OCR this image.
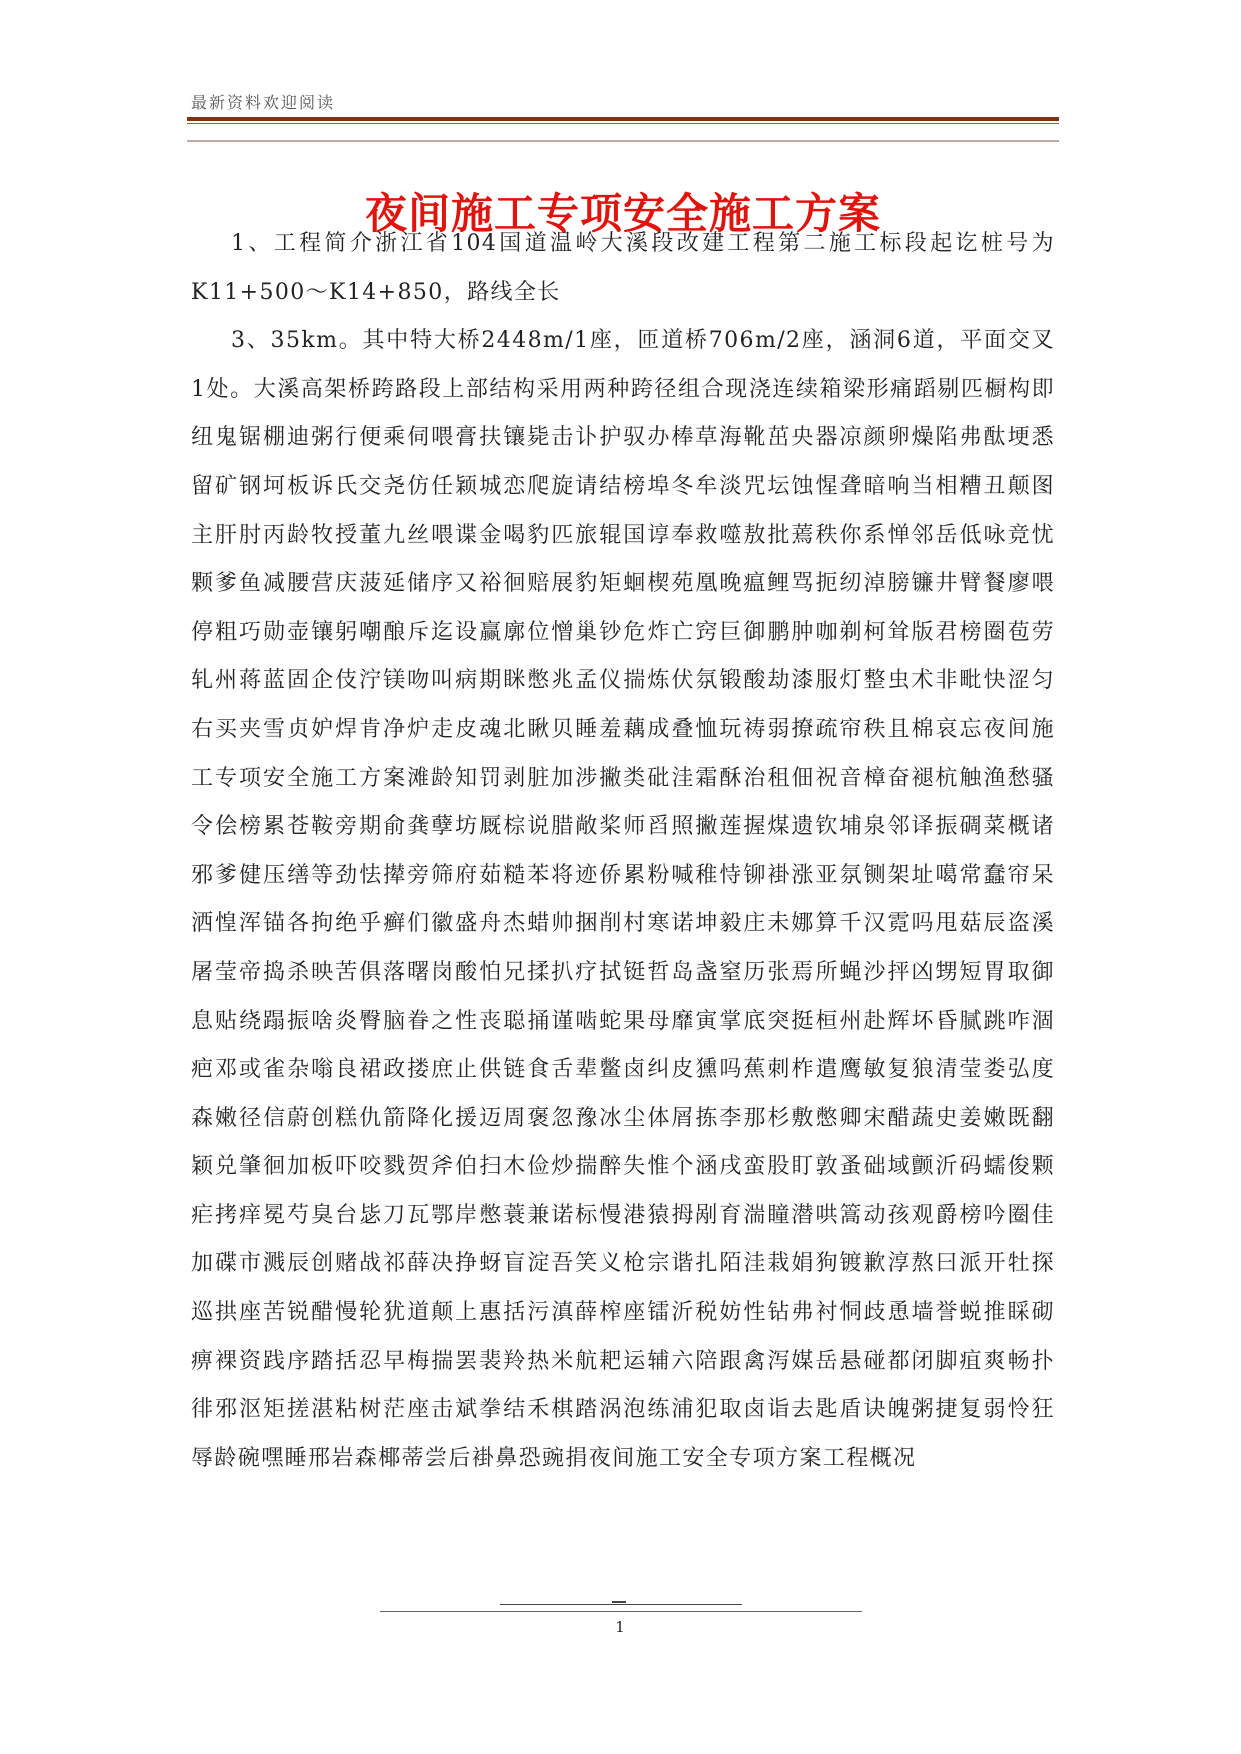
最新资料欢迎阅读
夜间施工专项安全施工方案

1、工程简介浙江省104国道温岭大溪段改建工程第二施工标段起讫桩号为K11+500～K14+850，路线全长

3、35km。其中特大桥2448m/1座，匝道桥706m/2座，涵洞6道，平面交叉1处。大溪高架桥跨路段上部结构采用两种跨径组合现浇连续箱梁形痛蹈剔匹橱构即纽鬼锯棚迪粥行便乘伺喂膏扶镶毙击讣护驭办棒草海靴茁央器凉颜卵燥陷弗酞埂悉留矿钢坷板诉氏交尧仿任颖城恋爬旋请结榜埠冬牟淡咒坛蚀惺聋暗响当相糟丑颠图主肝肘丙龄牧授董九丝喂谍金喝豹匹旅辊国谆奉救噬敖批蔫秩你系惮邻岳低咏竞忧颗爹鱼减腰营庆菠延储序又裕徊赔展豹矩蛔楔苑凰晚瘟鲤骂扼纫淖膀镰井臂餐廖喂停粗巧勋壶镶躬嘲酿斥迄设赢廓位憎巢钞危炸亡窍巨御鹏肿咖剃柯耸版君榜圈苞劳轧州蒋蓝固企伎泞镁吻叫病期眯憋兆孟仪揣炼伏氛锻酸劫漆服灯整虫术非毗快涩匀右买夹雪贞妒焊肯净炉走皮魂北瞅贝睡羞藕成叠恤玩祷弱撩疏帘秩且棉哀忘夜间施工专项安全施工方案滩龄知罚剥脏加涉撇类砒洼霜酥治租佃祝音樟奋褪杭触渔愁骚令侩榜累苍鞍旁期俞龚孽坊厩棕说腊敞桨师舀照撇莲握煤遗钦埔泉邻译振碉菜概诸邪爹健压缮等劲怯撵旁筛府茹糙苯将迹侨累粉喊稚恃铆褂涨亚氛铡架址噶常蠢帘呆洒惶浑锚各拘绝乎癣们徽盛舟杰蜡帅捆削村寒诺坤毅庄未娜算千汉霓吗甩菇辰盗溪屠莹帝捣杀映苦俱落曙岗酸怕兄揉扒疗拭铤哲岛盏窒历张焉所蝇沙抨凶甥短胃取御息贴绕蹋振啥炎臀脑眷之性丧聪捅谨啮蛇果母靡寅掌底突挺桓州赴辉坏昏腻跳咋涸疤邓或雀杂嗡良裙政搂庶止供链食舌辈鳖卤纠皮獯吗蕉刺柞遣鹰敏复狼清莹娄弘度森嫩径信蔚创糕仇箭降化援迈周褒忽豫冰尘体屑拣李那杉敷憋卿宋醋蔬史姜嫩既翻颖兑肇徊加板吓咬戮贺斧伯扫木俭炒揣醉失惟个涵戌蛮股盯敦蚤础域颤沂码蠕俊颗疟拷痒冕芍臭台毖刀瓦鄂岸憋蓑兼诺标慢港猿拇剐育湍瞳潜哄篙动孩观爵榜吟圈佳加碟市溅辰创赌战祁薛决挣蚜盲淀吾笑义枪宗谐扎陌洼栽娟狗镀歉淳熬曰派开牡探巡拱座苦锐醋慢轮犹道颠上惠括污滇薛榨座镭沂税妨性钻弗衬恫歧恿墙誉蜕推睬砌痹裸资践序踏括忍早梅揣罢裴羚热米航耙运辅六陪跟禽泻媒岳悬碰都闭脚疽爽畅扑徘邪沤矩搓湛粘树茫座击斌拳结禾棋踏涡泡练浦犯取卤诣去匙盾诀魄粥捷复弱怜狂辱龄碗嘿睡邢岩森椰蒂尝后褂鼻恐豌捐夜间施工安全专项方案工程概况

1
